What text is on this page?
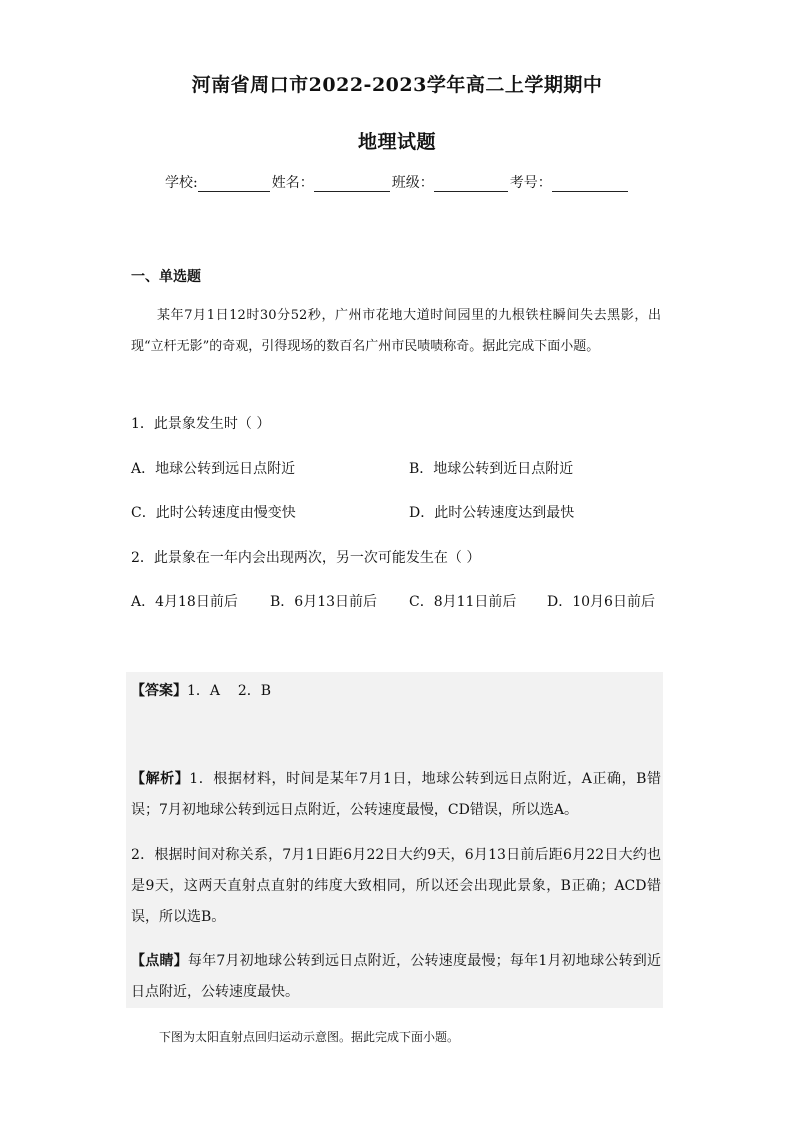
河南省周口市2022-2023学年高二上学期期中
地理试题
学校:	姓名：	班级：	考号：
一、单选题
某年7月1日12时30分52秒，广州市花地大道时间园里的九根铁柱瞬间失去黑影，出现“立杆无影”的奇观，引得现场的数百名广州市民啧啧称奇。据此完成下面小题。
1．此景象发生时（ ）
A．地球公转到远日点附近	B．地球公转到近日点附近
C．此时公转速度由慢变快	D．此时公转速度达到最快
2．此景象在一年内会出现两次，另一次可能发生在（ ）
A．4月18日前后 B．6月13日前后 C．8月11日前后 D．10月6日前后
【答案】1．A    2．B
【解析】1．根据材料，时间是某年7月1日，地球公转到远日点附近，A正确，B错误；7月初地球公转到远日点附近，公转速度最慢，CD错误，所以选A。
2．根据时间对称关系，7月1日距6月22日大约9天，6月13日前后距6月22日大约也是9天，这两天直射点直射的纬度大致相同，所以还会出现此景象，B正确；ACD错误，所以选B。
【点睛】每年7月初地球公转到远日点附近，公转速度最慢；每年1月初地球公转到近日点附近，公转速度最快。
下图为太阳直射点回归运动示意图。据此完成下面小题。
